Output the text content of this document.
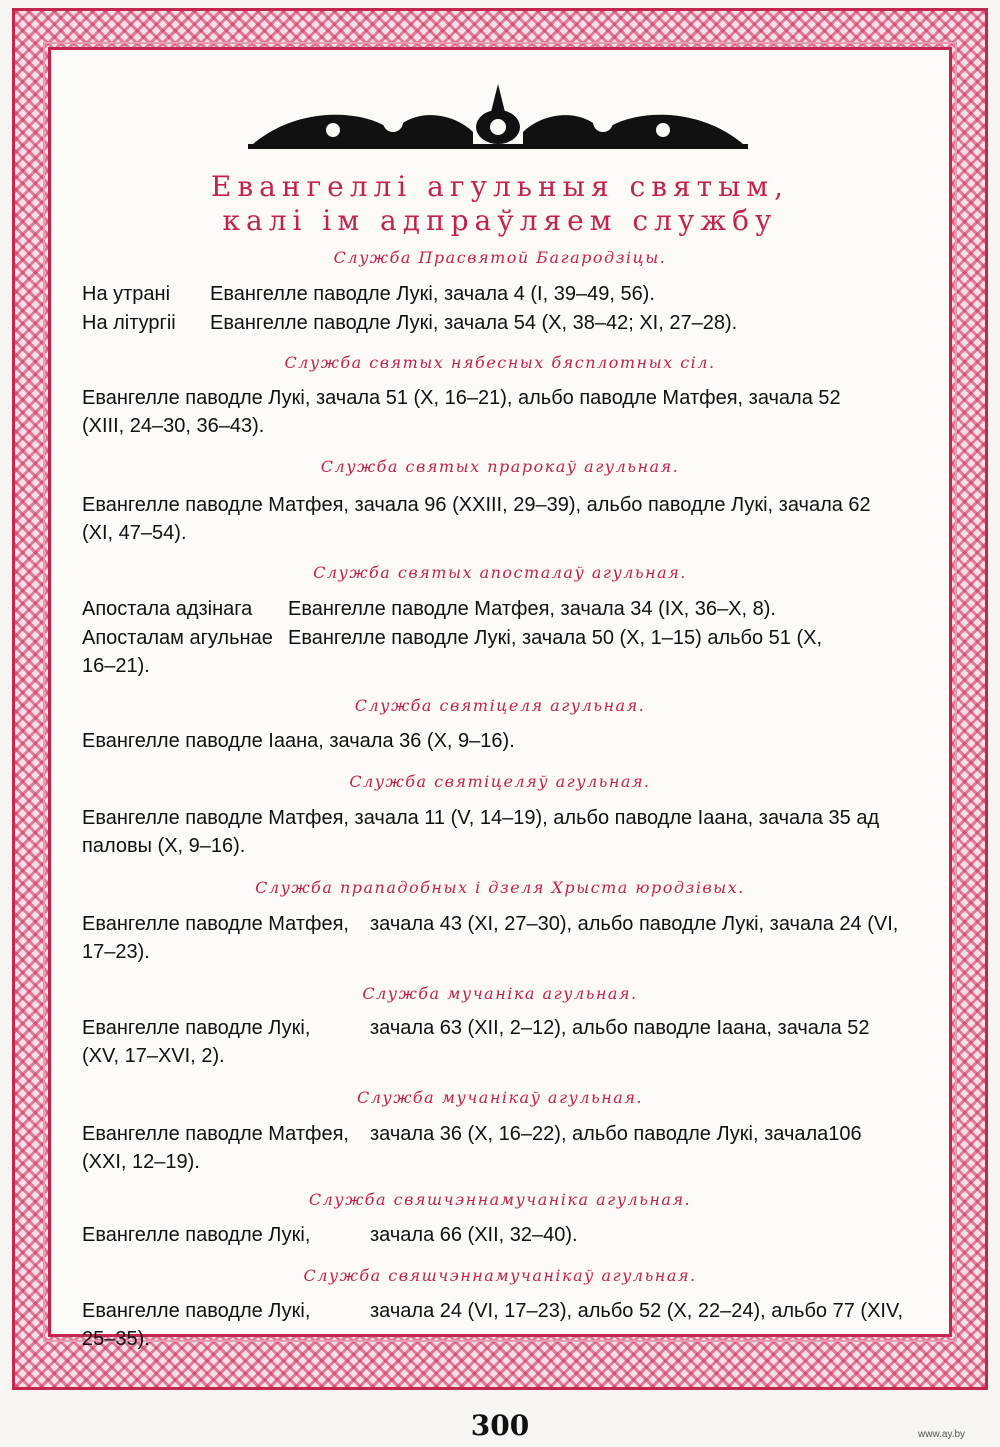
Евангеллі агульныя святым,
калі ім адпраўляем службу
Служба Прасвятой Багародзіцы.
На утрані Евангелле паводле Лукі, зачала 4 (І, 39–49, 56).
На літургіі Евангелле паводле Лукі, зачала 54 (Х, 38–42; ХІ, 27–28).
Служба святых нябесных бясплотных сіл.
Евангелле паводле Лукі, зачала 51 (Х, 16–21), альбо паводле Матфея, зачала 52
(ХІІІ, 24–30, 36–43).
Служба святых прарокаў агульная.
Евангелле паводле Матфея, зачала 96 (ХХІІІ, 29–39), альбо паводле Лукі, зачала 62
(ХІ, 47–54).
Служба святых апосталаў агульная.
Апостала адзінага Евангелле паводле Матфея, зачала 34 (ІХ, 36–Х, 8).
Апосталам агульнае Евангелле паводле Лукі, зачала 50 (Х, 1–15) альбо 51 (Х,
16–21).
Служба святіцеля агульная.
Евангелле паводле Іаана, зачала 36 (Х, 9–16).
Служба святіцеляў агульная.
Евангелле паводле Матфея, зачала 11 (V, 14–19), альбо паводле Іаана, зачала 35 ад
паловы (Х, 9–16).
Служба прападобных і дзеля Хрыста юродзівых.
Евангелле паводле Матфея, зачала 43 (ХІ, 27–30), альбо паводле Лукі, зачала 24 (VІ,
17–23).
Служба мучаніка агульная.
Евангелле паводле Лукі,	зачала 63 (ХІІ, 2–12), альбо паводле Іаана, зачала 52
(ХV, 17–ХVІ, 2).
Служба мучанікаў агульная.
Евангелле паводле Матфея, зачала 36 (Х, 16–22), альбо паводле Лукі, зачала106
(ХХІ, 12–19).
Служба свяшчэннамучаніка агульная.
Евангелле паводле Лукі,	зачала 66 (ХІІ, 32–40).
Служба свяшчэннамучанікаў агульная.
Евангелле паводле Лукі,	зачала 24 (VІ, 17–23), альбо 52 (Х, 22–24), альбо 77 (ХІV,
25–35).
300	www.ay.by
